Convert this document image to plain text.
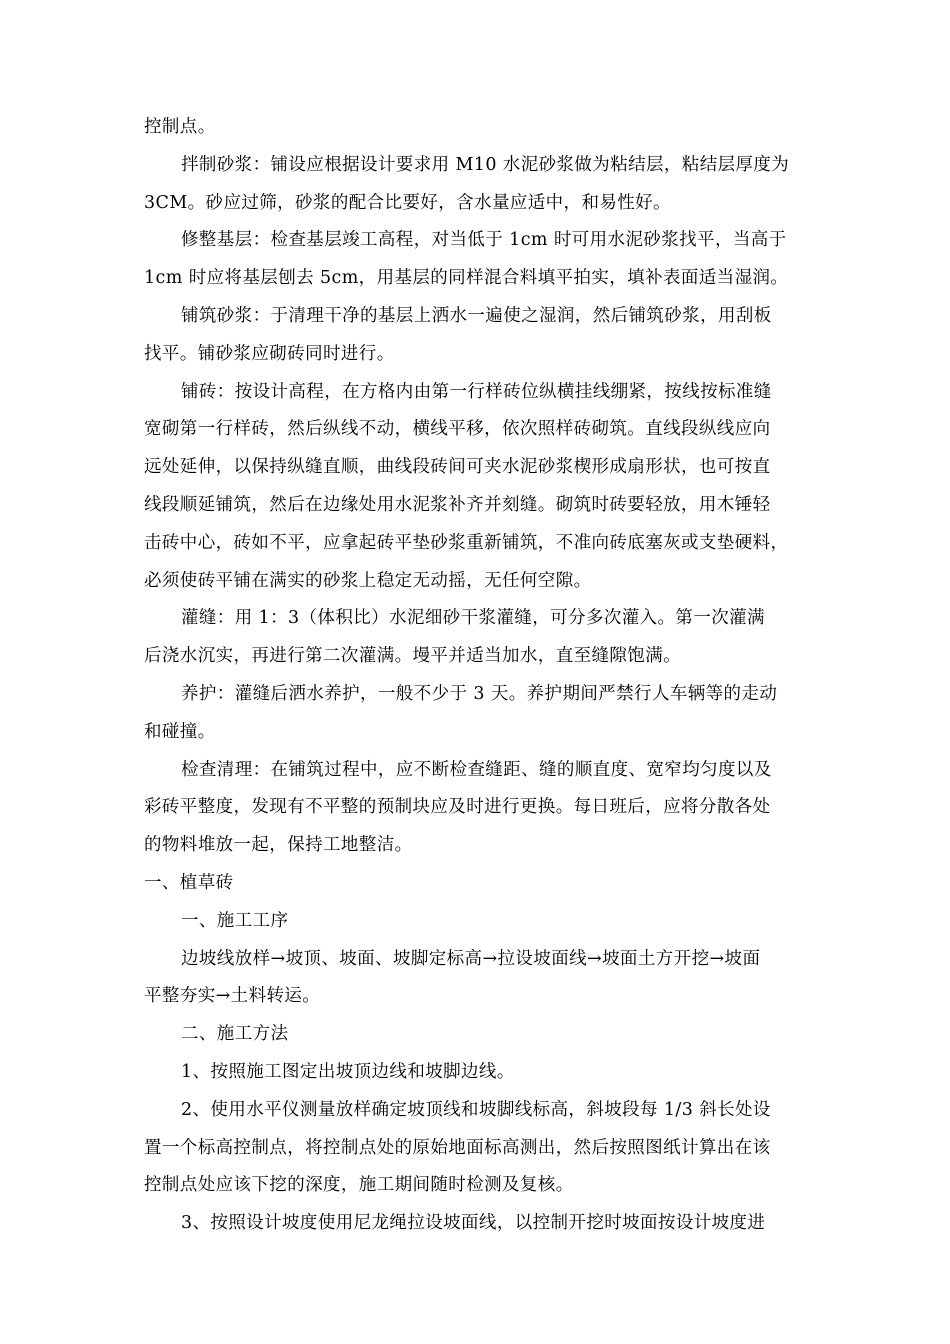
控制点。
拌制砂浆：铺设应根据设计要求用 M10 水泥砂浆做为粘结层，粘结层厚度为
3CM。砂应过筛，砂浆的配合比要好，含水量应适中，和易性好。
修整基层：检查基层竣工高程，对当低于 1cm 时可用水泥砂浆找平，当高于
1cm 时应将基层刨去 5cm，用基层的同样混合料填平拍实，填补表面适当湿润。
铺筑砂浆：于清理干净的基层上洒水一遍使之湿润，然后铺筑砂浆，用刮板
找平。铺砂浆应砌砖同时进行。
铺砖：按设计高程，在方格内由第一行样砖位纵横挂线绷紧，按线按标准缝
宽砌第一行样砖，然后纵线不动，横线平移，依次照样砖砌筑。直线段纵线应向
远处延伸，以保持纵缝直顺，曲线段砖间可夹水泥砂浆楔形成扇形状，也可按直
线段顺延铺筑，然后在边缘处用水泥浆补齐并刻缝。砌筑时砖要轻放，用木锤轻
击砖中心，砖如不平，应拿起砖平垫砂浆重新铺筑，不准向砖底塞灰或支垫硬料，
必须使砖平铺在满实的砂浆上稳定无动摇，无任何空隙。
灌缝：用 1：3（体积比）水泥细砂干浆灌缝，可分多次灌入。第一次灌满
后浇水沉实，再进行第二次灌满。墁平并适当加水，直至缝隙饱满。
养护：灌缝后洒水养护，一般不少于 3 天。养护期间严禁行人车辆等的走动
和碰撞。
检查清理：在铺筑过程中，应不断检查缝距、缝的顺直度、宽窄均匀度以及
彩砖平整度，发现有不平整的预制块应及时进行更换。每日班后，应将分散各处
的物料堆放一起，保持工地整洁。
一、植草砖
一、施工工序
边坡线放样→坡顶、坡面、坡脚定标高→拉设坡面线→坡面土方开挖→坡面
平整夯实→土料转运。
二、施工方法
1、按照施工图定出坡顶边线和坡脚边线。
2、使用水平仪测量放样确定坡顶线和坡脚线标高，斜坡段每 1/3 斜长处设
置一个标高控制点，将控制点处的原始地面标高测出，然后按照图纸计算出在该
控制点处应该下挖的深度，施工期间随时检测及复核。
3、按照设计坡度使用尼龙绳拉设坡面线，以控制开挖时坡面按设计坡度进
